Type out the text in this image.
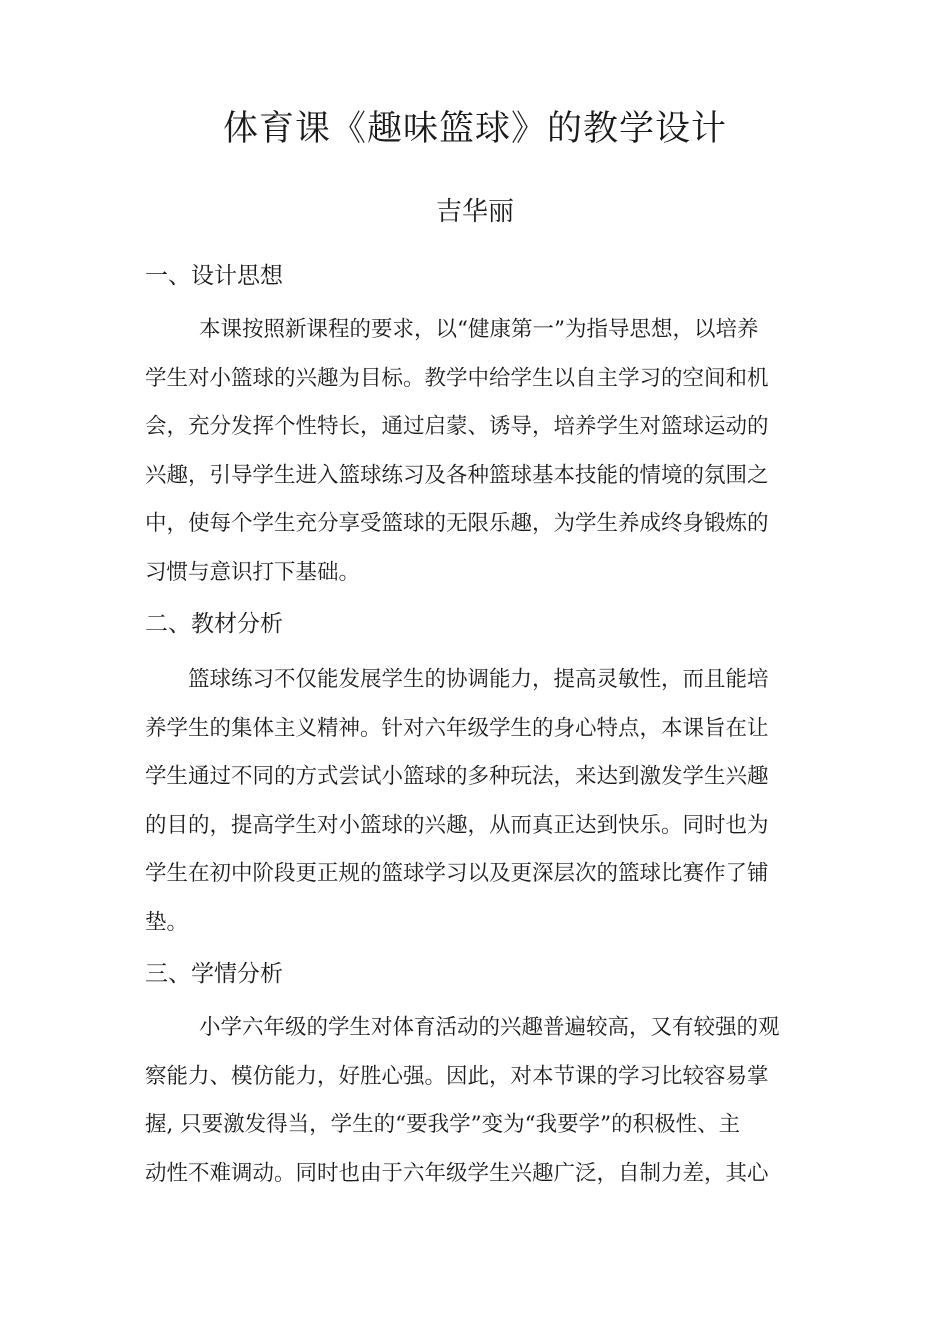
体育课《趣味篮球》的教学设计
吉华丽
一、设计思想
本课按照新课程的要求，以“健康第一”为指导思想，以培养
学生对小篮球的兴趣为目标。教学中给学生以自主学习的空间和机
会，充分发挥个性特长，通过启蒙、诱导，培养学生对篮球运动的
兴趣，引导学生进入篮球练习及各种篮球基本技能的情境的氛围之
中，使每个学生充分享受篮球的无限乐趣，为学生养成终身锻炼的
习惯与意识打下基础。
二、教材分析
篮球练习不仅能发展学生的协调能力，提高灵敏性，而且能培
养学生的集体主义精神。针对六年级学生的身心特点，本课旨在让
学生通过不同的方式尝试小篮球的多种玩法，来达到激发学生兴趣
的目的，提高学生对小篮球的兴趣，从而真正达到快乐。同时也为
学生在初中阶段更正规的篮球学习以及更深层次的篮球比赛作了铺
垫。
三、学情分析
小学六年级的学生对体育活动的兴趣普遍较高，又有较强的观
察能力、模仿能力，好胜心强。因此，对本节课的学习比较容易掌
握, 只要激发得当，学生的“要我学”变为“我要学”的积极性、主
动性不难调动。同时也由于六年级学生兴趣广泛，自制力差，其心
